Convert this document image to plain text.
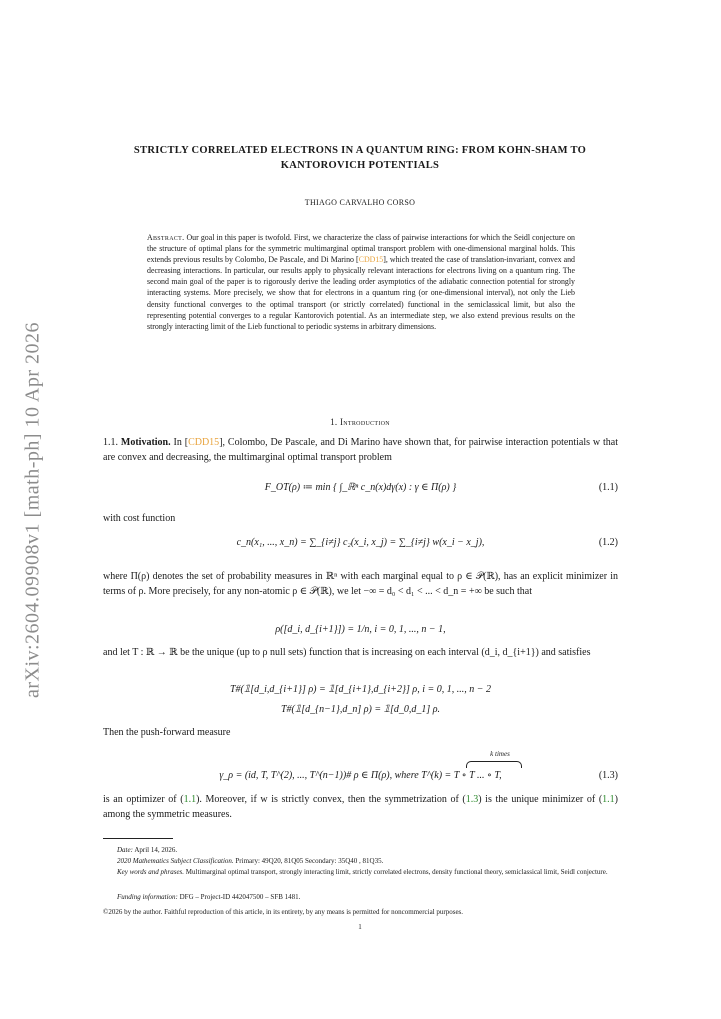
arXiv:2604.09908v1 [math-ph] 10 Apr 2026
STRICTLY CORRELATED ELECTRONS IN A QUANTUM RING: FROM KOHN-SHAM TO
KANTOROVICH POTENTIALS
THIAGO CARVALHO CORSO
Abstract. Our goal in this paper is twofold. First, we characterize the class of pairwise interactions for which the Seidl conjecture on the structure of optimal plans for the symmetric multimarginal optimal transport problem with one-dimensional marginal holds. This extends previous results by Colombo, De Pascale, and Di Marino [CDD15], which treated the case of translation-invariant, convex and decreasing interactions. In particular, our results apply to physically relevant interactions for electrons living on a quantum ring. The second main goal of the paper is to rigorously derive the leading order asymptotics of the adiabatic connection potential for strongly interacting systems. More precisely, we show that for electrons in a quantum ring (or one-dimensional interval), not only the Lieb density functional converges to the optimal transport (or strictly correlated) functional in the semiclassical limit, but also the representing potential converges to a regular Kantorovich potential. As an intermediate step, we also extend previous results on the strongly interacting limit of the Lieb functional to periodic systems in arbitrary dimensions.
1. Introduction
1.1. Motivation. In [CDD15], Colombo, De Pascale, and Di Marino have shown that, for pairwise interaction potentials w that are convex and decreasing, the multimarginal optimal transport problem
F_OT(ρ) ≔ min { ∫_ℝⁿ c_n(x)dγ(x) : γ ∈ Π(ρ) }	(1.1)
with cost function
c_n(x₁, ..., x_n) = ∑_{i≠j} c₂(x_i, x_j) = ∑_{i≠j} w(x_i − x_j),	(1.2)
where Π(ρ) denotes the set of probability measures in ℝⁿ with each marginal equal to ρ ∈ 𝒫(ℝ), has an explicit minimizer in terms of ρ. More precisely, for any non-atomic ρ ∈ 𝒫(ℝ), we let −∞ = d₀ < d₁ < ... < d_n = +∞ be such that
ρ([d_i, d_{i+1}]) = 1/n, i = 0, 1, ..., n − 1,
and let T : ℝ → ℝ be the unique (up to ρ null sets) function that is increasing on each interval (d_i, d_{i+1}) and satisfies
T#(𝟙[d_i,d_{i+1}] ρ) = 𝟙[d_{i+1},d_{i+2}] ρ, i = 0, 1, ..., n − 2
T#(𝟙[d_{n−1},d_n] ρ) = 𝟙[d_0,d_1] ρ.
Then the push-forward measure
k times
γ_ρ = (id, T, T^(2), ..., T^(n−1))# ρ ∈ Π(ρ), where T^(k) = T ∘ T ... ∘ T,	(1.3)
is an optimizer of (1.1). Moreover, if w is strictly convex, then the symmetrization of (1.3) is the unique minimizer of (1.1) among the symmetric measures.
Date: April 14, 2026.
2020 Mathematics Subject Classification. Primary: 49Q20, 81Q05 Secondary: 35Q40 , 81Q35.
Key words and phrases. Multimarginal optimal transport, strongly interacting limit, strictly correlated electrons, density functional theory, semiclassical limit, Seidl conjecture.
Funding information: DFG – Project-ID 442047500 – SFB 1481.
©2026 by the author. Faithful reproduction of this article, in its entirety, by any means is permitted for noncommercial purposes.
1
